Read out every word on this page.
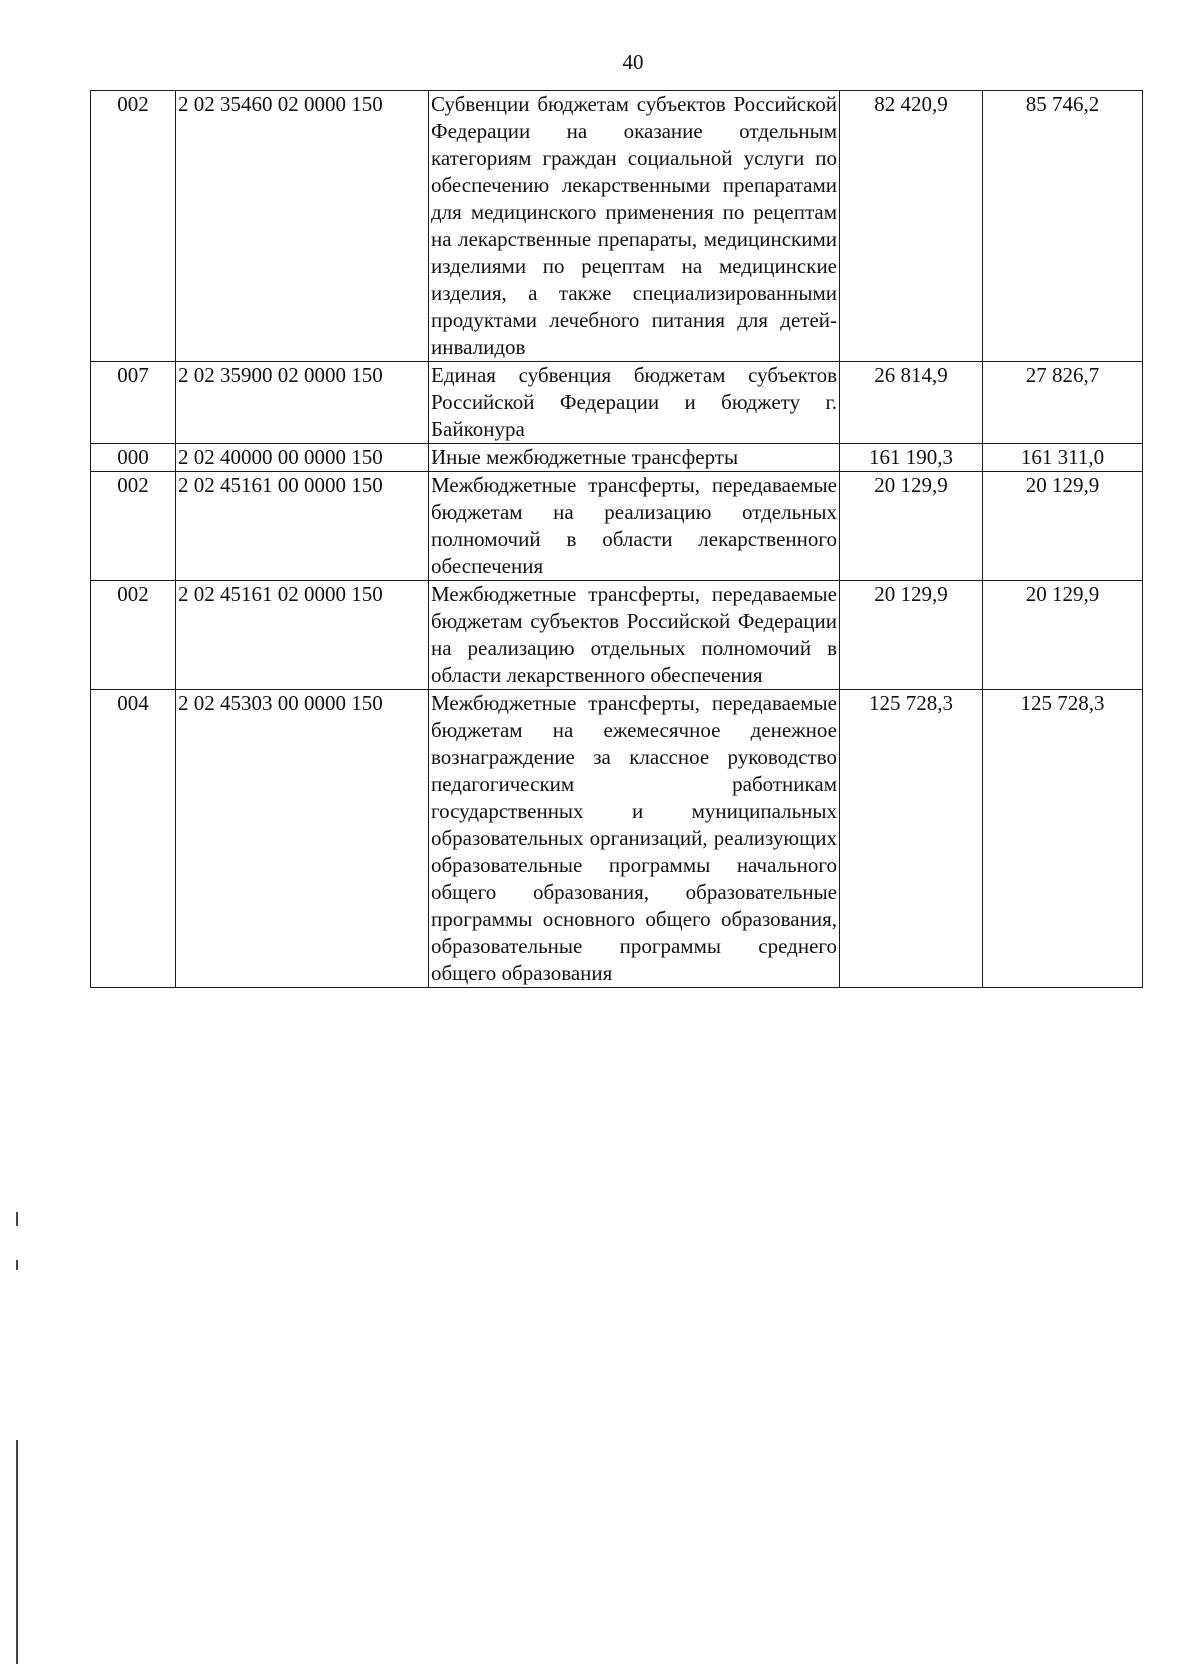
40
002	2 02 35460 02 0000 150	Субвенции бюджетам субъектов Российской Федерации на оказание отдельным категориям граждан социальной услуги по обеспечению лекарственными препаратами для медицинского применения по рецептам на лекарственные препараты, медицинскими изделиями по рецептам на медицинские изделия, а также специализированными продуктами лечебного питания для детей-инвалидов	82 420,9	85 746,2
007	2 02 35900 02 0000 150	Единая субвенция бюджетам субъектов Российской Федерации и бюджету г. Байконура	26 814,9	27 826,7
000	2 02 40000 00 0000 150	Иные межбюджетные трансферты	161 190,3	161 311,0
002	2 02 45161 00 0000 150	Межбюджетные трансферты, передаваемые бюджетам на реализацию отдельных полномочий в области лекарственного обеспечения	20 129,9	20 129,9
002	2 02 45161 02 0000 150	Межбюджетные трансферты, передаваемые бюджетам субъектов Российской Федерации на реализацию отдельных полномочий в области лекарственного обеспечения	20 129,9	20 129,9
004	2 02 45303 00 0000 150	Межбюджетные трансферты, передаваемые бюджетам на ежемесячное денежное вознаграждение за классное руководство педагогическим работникам государственных и муниципальных образовательных организаций, реализующих образовательные программы начального общего образования, образовательные программы основного общего образования, образовательные программы среднего общего образования	125 728,3	125 728,3
